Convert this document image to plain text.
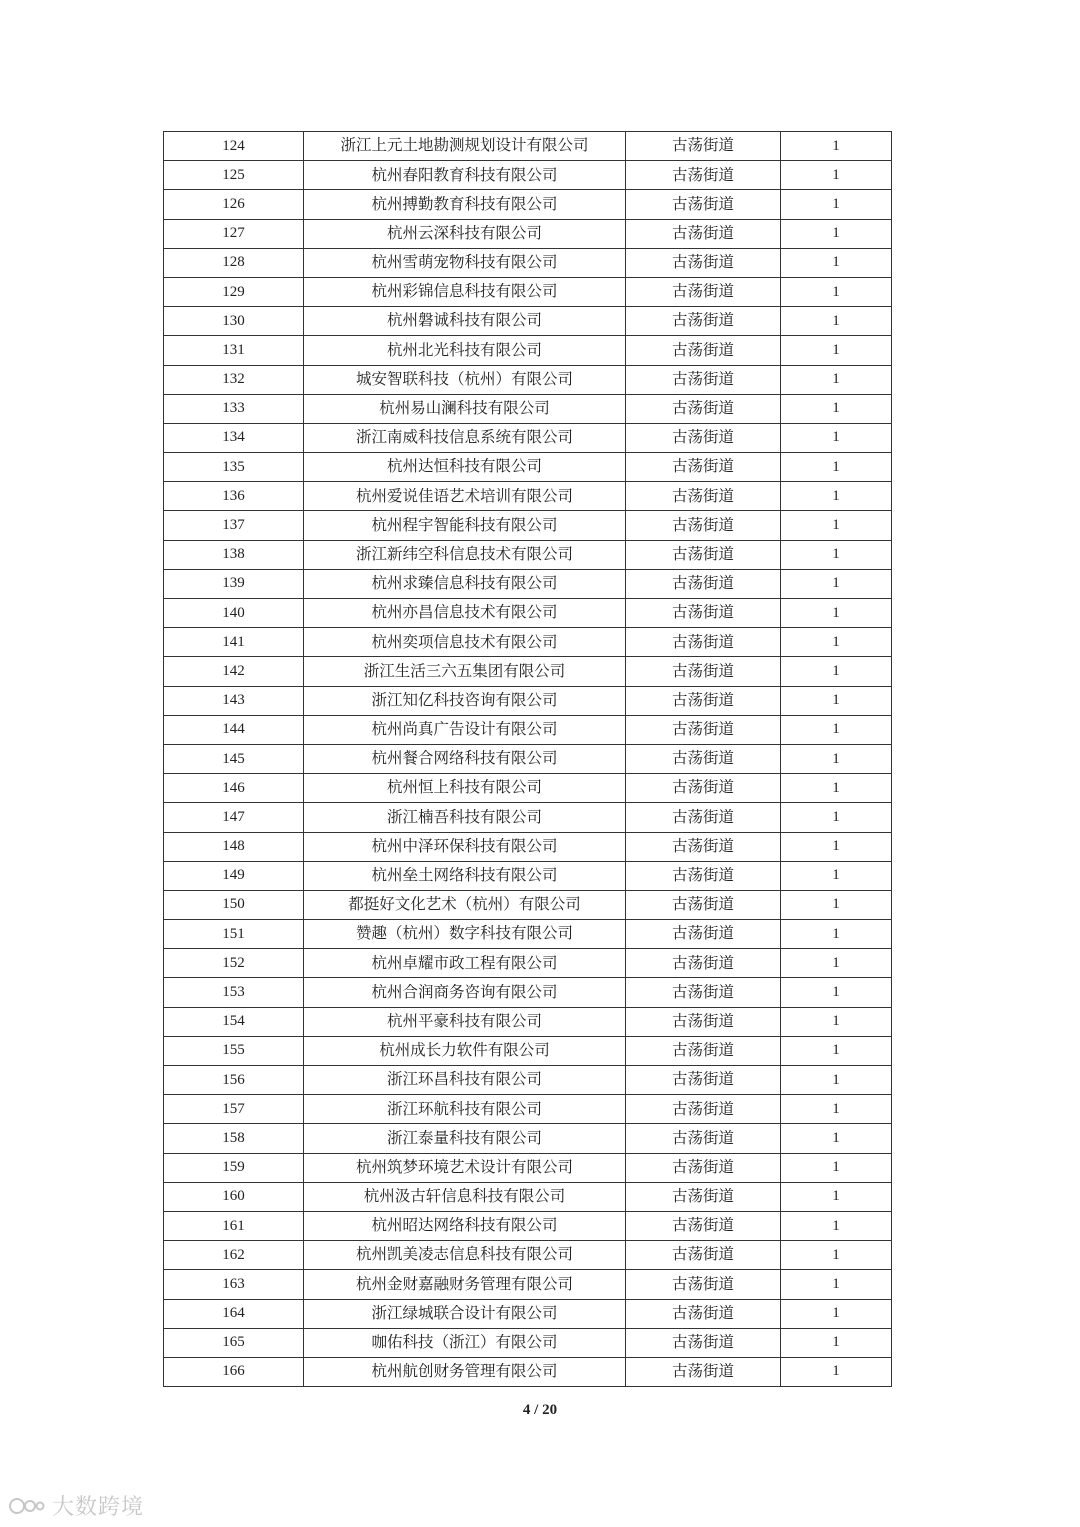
124	浙江上元土地勘测规划设计有限公司	古荡街道	1
125	杭州春阳教育科技有限公司	古荡街道	1
126	杭州搏勤教育科技有限公司	古荡街道	1
127	杭州云深科技有限公司	古荡街道	1
128	杭州雪萌宠物科技有限公司	古荡街道	1
129	杭州彩锦信息科技有限公司	古荡街道	1
130	杭州磐诚科技有限公司	古荡街道	1
131	杭州北光科技有限公司	古荡街道	1
132	城安智联科技（杭州）有限公司	古荡街道	1
133	杭州易山澜科技有限公司	古荡街道	1
134	浙江南威科技信息系统有限公司	古荡街道	1
135	杭州达恒科技有限公司	古荡街道	1
136	杭州爱说佳语艺术培训有限公司	古荡街道	1
137	杭州程宇智能科技有限公司	古荡街道	1
138	浙江新纬空科信息技术有限公司	古荡街道	1
139	杭州求臻信息科技有限公司	古荡街道	1
140	杭州亦昌信息技术有限公司	古荡街道	1
141	杭州奕项信息技术有限公司	古荡街道	1
142	浙江生活三六五集团有限公司	古荡街道	1
143	浙江知亿科技咨询有限公司	古荡街道	1
144	杭州尚真广告设计有限公司	古荡街道	1
145	杭州餐合网络科技有限公司	古荡街道	1
146	杭州恒上科技有限公司	古荡街道	1
147	浙江楠吾科技有限公司	古荡街道	1
148	杭州中泽环保科技有限公司	古荡街道	1
149	杭州垒土网络科技有限公司	古荡街道	1
150	都挺好文化艺术（杭州）有限公司	古荡街道	1
151	赞趣（杭州）数字科技有限公司	古荡街道	1
152	杭州卓耀市政工程有限公司	古荡街道	1
153	杭州合润商务咨询有限公司	古荡街道	1
154	杭州平豪科技有限公司	古荡街道	1
155	杭州成长力软件有限公司	古荡街道	1
156	浙江环昌科技有限公司	古荡街道	1
157	浙江环航科技有限公司	古荡街道	1
158	浙江泰量科技有限公司	古荡街道	1
159	杭州筑梦环境艺术设计有限公司	古荡街道	1
160	杭州汲古轩信息科技有限公司	古荡街道	1
161	杭州昭达网络科技有限公司	古荡街道	1
162	杭州凯美凌志信息科技有限公司	古荡街道	1
163	杭州金财嘉融财务管理有限公司	古荡街道	1
164	浙江绿城联合设计有限公司	古荡街道	1
165	咖佑科技（浙江）有限公司	古荡街道	1
166	杭州航创财务管理有限公司	古荡街道	1
4 / 20
大数跨境
